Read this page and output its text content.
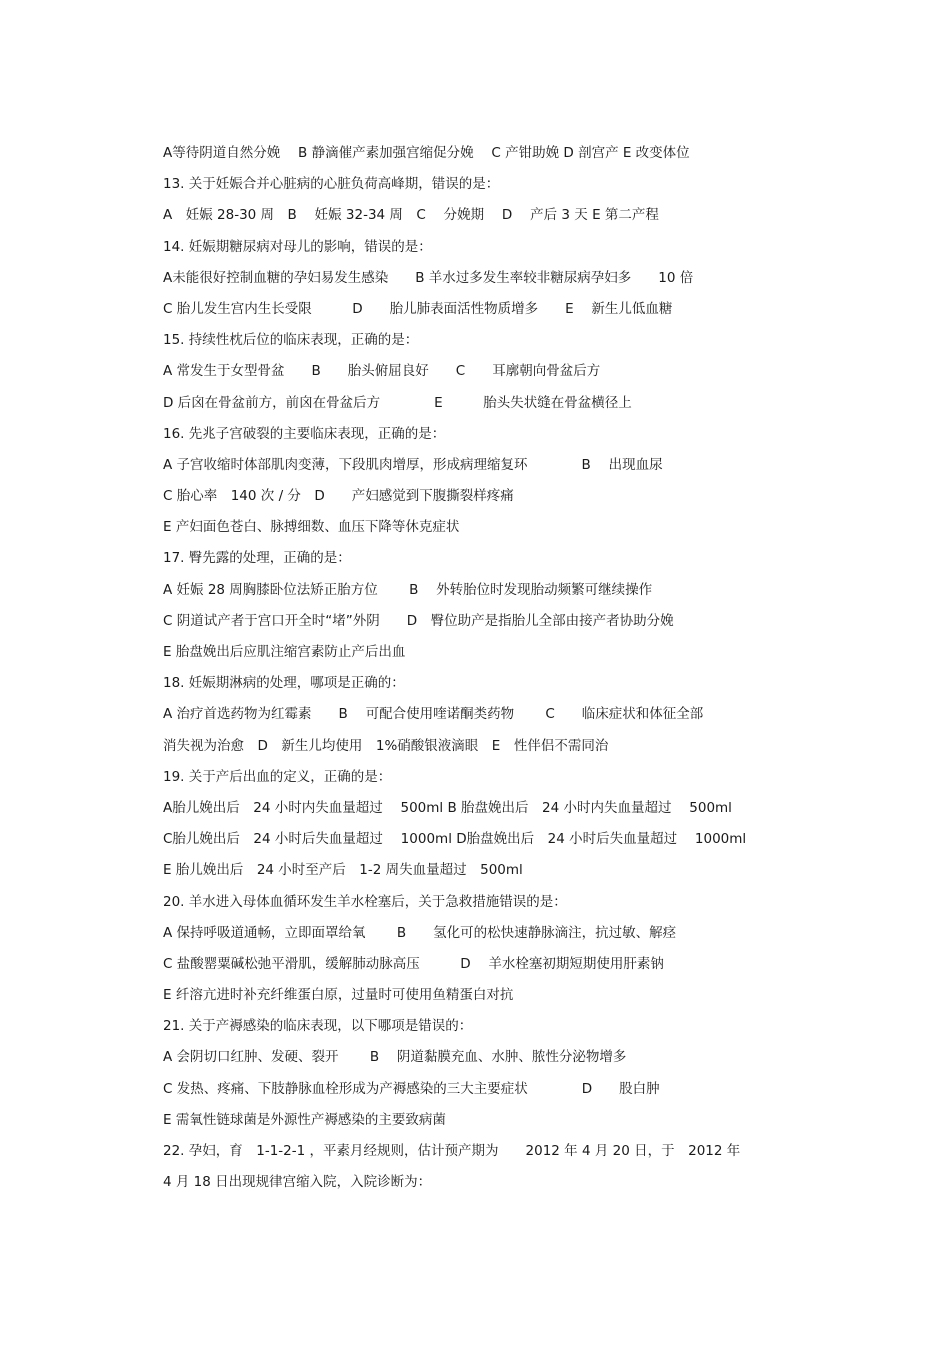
A等待阴道自然分娩　 B 静滴催产素加强宫缩促分娩　 C 产钳助娩 D 剖宫产 E 改变体位
13. 关于妊娠合并心脏病的心脏负荷高峰期，错误的是：
A　妊娠 28-30 周　B　 妊娠 32-34 周　C　 分娩期　 D　 产后 3 天 E 第二产程
14. 妊娠期糖尿病对母儿的影响，错误的是：
A未能很好控制血糖的孕妇易发生感染　　B 羊水过多发生率较非糖尿病孕妇多　　10 倍
C 胎儿发生宫内生长受限　　　D　　胎儿肺表面活性物质增多　　E　 新生儿低血糖
15. 持续性枕后位的临床表现，正确的是：
A 常发生于女型骨盆　　B　　胎头俯屈良好　　C　　耳廓朝向骨盆后方
D 后囟在骨盆前方，前囟在骨盆后方　　　　E　　　胎头失状缝在骨盆横径上
16. 先兆子宫破裂的主要临床表现，正确的是：
A 子宫收缩时体部肌肉变薄，下段肌肉增厚，形成病理缩复环　　　　B　 出现血尿
C 胎心率　140 次 / 分　D　　产妇感觉到下腹撕裂样疼痛
E 产妇面色苍白、脉搏细数、血压下降等休克症状
17. 臀先露的处理，正确的是：
A 妊娠 28 周胸膝卧位法矫正胎方位　　 B　 外转胎位时发现胎动频繁可继续操作
C 阴道试产者于宫口开全时“堵”外阴　　D　臀位助产是指胎儿全部由接产者协助分娩
E 胎盘娩出后应肌注缩宫素防止产后出血
18. 妊娠期淋病的处理，哪项是正确的：
A 治疗首选药物为红霉素　　B　 可配合使用喹诺酮类药物　　 C　　临床症状和体征全部
消失视为治愈　D　新生儿均使用　1%硝酸银液滴眼　E　性伴侣不需同治
19. 关于产后出血的定义，正确的是：
A胎儿娩出后　24 小时内失血量超过　 500ml B 胎盘娩出后　24 小时内失血量超过　 500ml
C胎儿娩出后　24 小时后失血量超过　 1000ml D胎盘娩出后　24 小时后失血量超过　 1000ml
E 胎儿娩出后　24 小时至产后　1-2 周失血量超过　500ml
20. 羊水进入母体血循环发生羊水栓塞后，关于急救措施错误的是：
A 保持呼吸道通畅，立即面罩给氧　　 B　　氢化可的松快速静脉滴注，抗过敏、解痉
C 盐酸罂粟碱松弛平滑肌，缓解肺动脉高压　　　D　 羊水栓塞初期短期使用肝素钠
E 纤溶亢进时补充纤维蛋白原，过量时可使用鱼精蛋白对抗
21. 关于产褥感染的临床表现，以下哪项是错误的：
A 会阴切口红肿、发硬、裂开　　 B　 阴道黏膜充血、水肿、脓性分泌物增多
C 发热、疼痛、下肢静脉血栓形成为产褥感染的三大主要症状　　　　D　　股白肿
E 需氧性链球菌是外源性产褥感染的主要致病菌
22. 孕妇，育　1-1-2-1 ，平素月经规则，估计预产期为　　2012 年 4 月 20 日，于　2012 年
4 月 18 日出现规律宫缩入院，入院诊断为：
